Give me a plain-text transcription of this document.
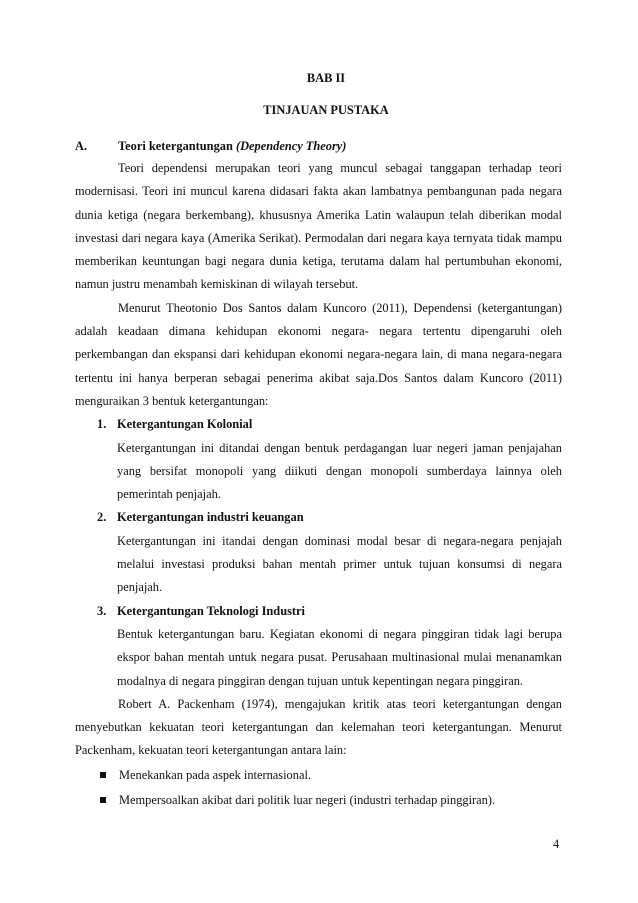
BAB II

TINJAUAN PUSTAKA

A. Teori ketergantungan (Dependency Theory)

Teori dependensi merupakan teori yang muncul sebagai tanggapan terhadap teori modernisasi. Teori ini muncul karena didasari fakta akan lambatnya pembangunan pada negara dunia ketiga (negara berkembang), khususnya Amerika Latin walaupun telah diberikan modal investasi dari negara kaya (Amerika Serikat). Permodalan dari negara kaya ternyata tidak mampu memberikan keuntungan bagi negara dunia ketiga, terutama dalam hal pertumbuhan ekonomi, namun justru menambah kemiskinan di wilayah tersebut.

Menurut Theotonio Dos Santos dalam Kuncoro (2011), Dependensi (ketergantungan) adalah keadaan dimana kehidupan ekonomi negara- negara tertentu dipengaruhi oleh perkembangan dan ekspansi dari kehidupan ekonomi negara-negara lain, di mana negara-negara tertentu ini hanya berperan sebagai penerima akibat saja.Dos Santos dalam Kuncoro (2011) menguraikan 3 bentuk ketergantungan:

1. Ketergantungan Kolonial

Ketergantungan ini ditandai dengan bentuk perdagangan luar negeri jaman penjajahan yang bersifat monopoli yang diikuti dengan monopoli sumberdaya lainnya oleh pemerintah penjajah.

2. Ketergantungan industri keuangan

Ketergantungan ini itandai dengan dominasi modal besar di negara-negara penjajah melalui investasi produksi bahan mentah primer untuk tujuan konsumsi di negara penjajah.

3. Ketergantungan Teknologi Industri

Bentuk ketergantungan baru. Kegiatan ekonomi di negara pinggiran tidak lagi berupa ekspor bahan mentah untuk negara pusat. Perusahaan multinasional mulai menanamkan modalnya di negara pinggiran dengan tujuan untuk kepentingan negara pinggiran.

Robert A. Packenham (1974), mengajukan kritik atas teori ketergantungan dengan menyebutkan kekuatan teori ketergantungan dan kelemahan teori ketergantungan. Menurut Packenham, kekuatan teori ketergantungan antara lain:

Menekankan pada aspek internasional.
Mempersoalkan akibat dari politik luar negeri (industri terhadap pinggiran).
4
